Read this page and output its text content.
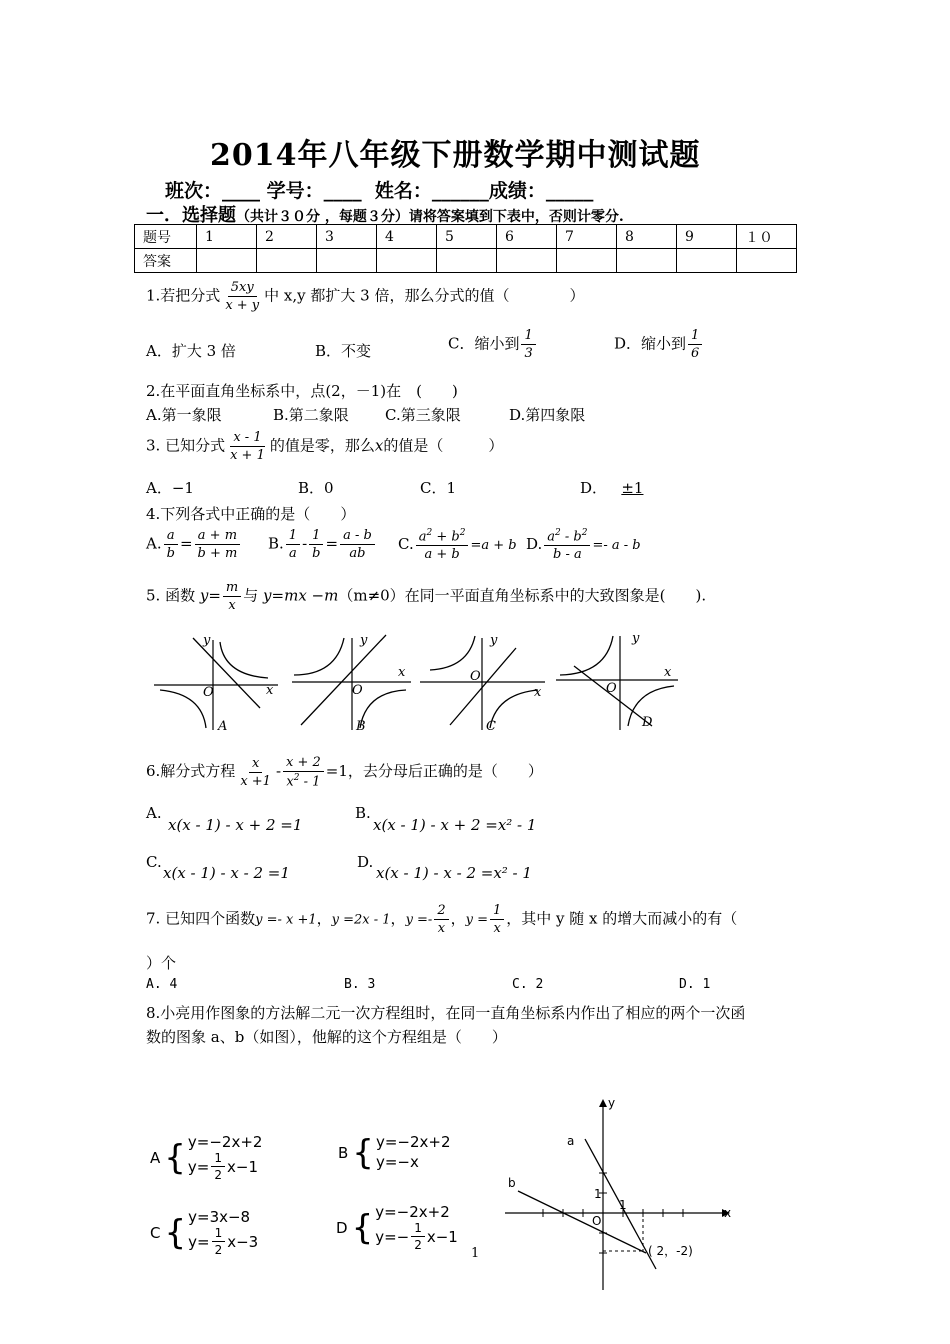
2014年八年级下册数学期中测试题
班次：____ 学号：____ 姓名：______成绩：_____
一．选择题（共计３０分 ，每题３分）请将答案填到下表中，否则计零分.
题号	1	2	3	4	5	6	7	8	9	１０
答案										
1.若把分式 $\frac{5xy}{x + y}$ 中 x,y 都扩大 3 倍，那么分式的值（　　　　）
A．扩大 3 倍	B．不变	C．缩小到 $\frac{1}{3}$	D．缩小到 $\frac{1}{6}$
2.在平面直角坐标系中，点(2，－1)在　(　　)
A.第一象限	B.第二象限 C.第三象限	D.第四象限
3. 已知分式 $\frac{x - 1}{x + 1}$ 的值是零，那么x的值是（　　　）
A．−1	B．0	C．1	D． ±1
4.下列各式中正确的是（　　）
A. $\frac{a}{b} = \frac{a + m}{b + m} B$. $\frac{1}{a} - \frac{1}{b} = \frac{a - b}{ab} C$. $\frac{a^2 + b^2}{a + b} =a + b$ D. $\frac{a^2 - b^2}{b - a} =- a - b$
5. 函数 $y= \frac{m}{x}$ 与 y=mx −m（m≠0）在同一平面直角坐标系中的大致图象是(　　).
y
x
O
A
y
x
O
B
y
x
O
C
y
x
O
D
6.解分式方程 $\frac{x}{x +1} - \frac{x + 2}{x^2 - 1} =1$，去分母后正确的是（　　）
A.
x(x - 1) - x + 2 =1
B.
x(x - 1) - x + 2 =x² - 1
C.
x(x - 1) - x - 2 =1
D.
x(x - 1) - x - 2 =x² - 1
7. 已知四个函数y =- x +1，y =2x - 1，$y =- \frac{2}{x}$ ，$y = \frac{1}{x}$ ，其中 y 随 x 的增大而减小的有（
）个
A. 4	B. 3	C. 2	D. 1
8.小亮用作图象的方法解二元一次方程组时，在同一直角坐标系内作出了相应的两个一次函
数的图象 a、b（如图），他解的这个方程组是（　　）
A { y=−2x+2
$y= \frac{1}{2} x-1$
B { y=−2x+2
y=−x
C { y=3x−8
$y= \frac{1}{2} x-3$
D { y=−2x+2
$y=- \frac{1}{2} x-1$
a
b
x
y
O
1
1
( 2，-2)
1
